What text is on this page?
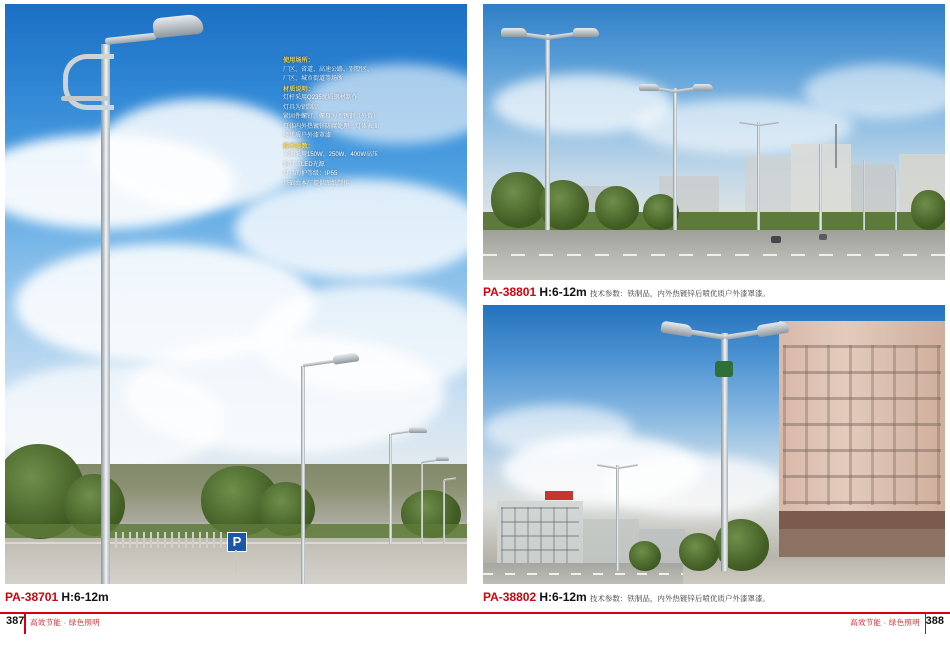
P
使用场所：
厂区、省道、高速公路、别墅区、
厂区、城市街道等场所
材质说明：
灯杆采用Q235优质钢材制作
灯具为铝制品
紧固件螺钉、螺母为不锈钢（外置）
灯体内外热镀锌防腐处理，灯体表面
喷优质户外漆罩漆
技术参数：
光源采用150W、250W、400W高压
钠灯或LED光源
灯具的护等级：IP55
基础由本厂提供图纸制作
PA-38701 H:6-12m
PA-38801 H:6-12m 技术参数：铁制品，内外热镀锌后喷优质户外漆罩漆。
PA-38802 H:6-12m 技术参数：铁制品，内外热镀锌后喷优质户外漆罩漆。
387 高效节能 · 绿色照明	388
高效节能 · 绿色照明
